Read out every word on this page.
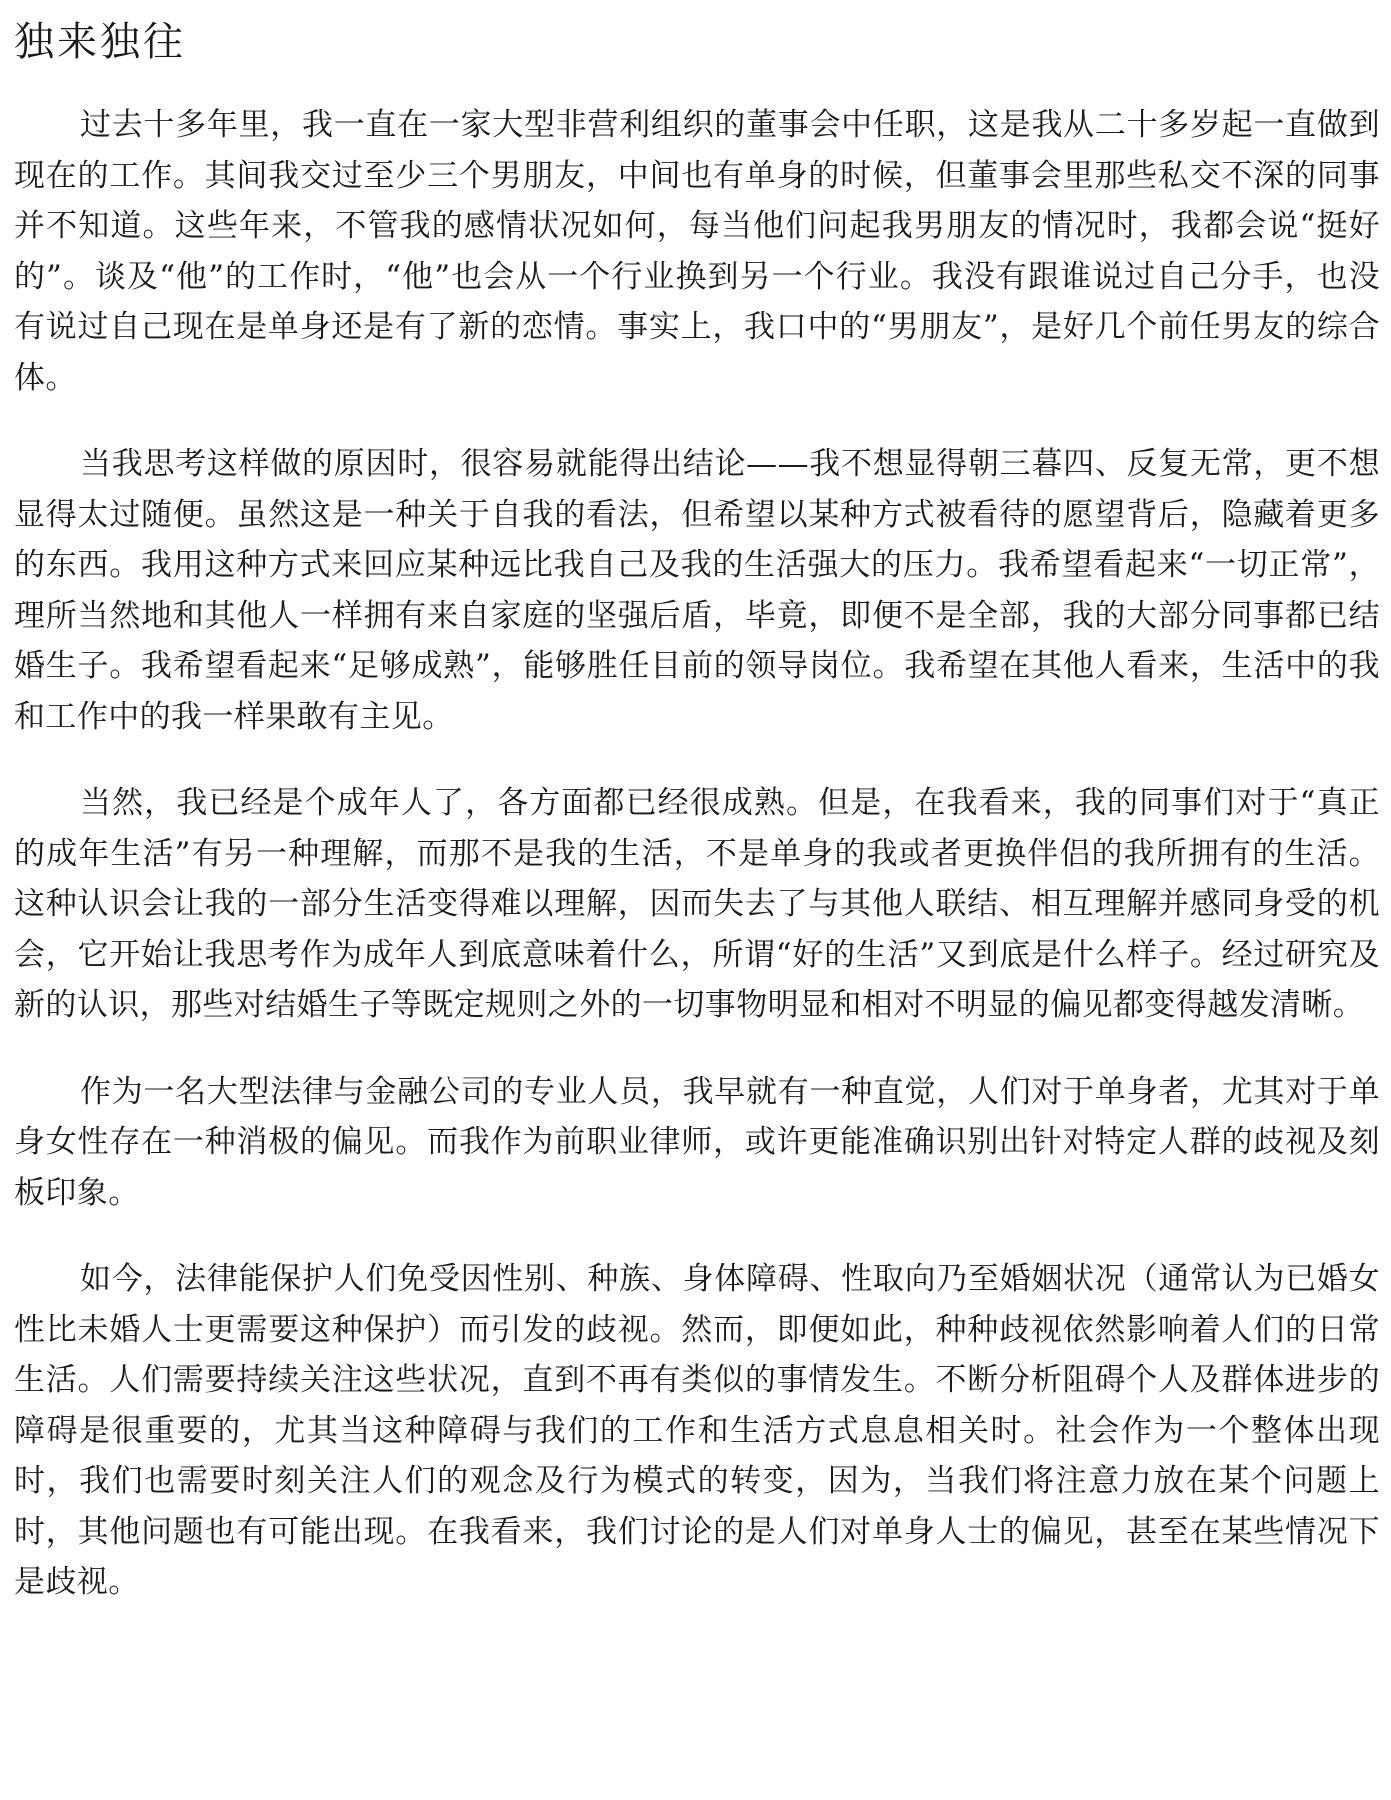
独来独往

过去十多年里，我一直在一家大型非营利组织的董事会中任职，这是我从二十多岁起一直做到现在的工作。其间我交过至少三个男朋友，中间也有单身的时候，但董事会里那些私交不深的同事并不知道。这些年来，不管我的感情状况如何，每当他们问起我男朋友的情况时，我都会说“挺好的”。谈及“他”的工作时，“他”也会从一个行业换到另一个行业。我没有跟谁说过自己分手，也没有说过自己现在是单身还是有了新的恋情。事实上，我口中的“男朋友”，是好几个前任男友的综合体。

当我思考这样做的原因时，很容易就能得出结论——我不想显得朝三暮四、反复无常，更不想显得太过随便。虽然这是一种关于自我的看法，但希望以某种方式被看待的愿望背后，隐藏着更多的东西。我用这种方式来回应某种远比我自己及我的生活强大的压力。我希望看起来“一切正常”，理所当然地和其他人一样拥有来自家庭的坚强后盾，毕竟，即便不是全部，我的大部分同事都已结婚生子。我希望看起来“足够成熟”，能够胜任目前的领导岗位。我希望在其他人看来，生活中的我和工作中的我一样果敢有主见。

当然，我已经是个成年人了，各方面都已经很成熟。但是，在我看来，我的同事们对于“真正的成年生活”有另一种理解，而那不是我的生活，不是单身的我或者更换伴侣的我所拥有的生活。这种认识会让我的一部分生活变得难以理解，因而失去了与其他人联结、相互理解并感同身受的机会，它开始让我思考作为成年人到底意味着什么，所谓“好的生活”又到底是什么样子。经过研究及新的认识，那些对结婚生子等既定规则之外的一切事物明显和相对不明显的偏见都变得越发清晰。

作为一名大型法律与金融公司的专业人员，我早就有一种直觉，人们对于单身者，尤其对于单身女性存在一种消极的偏见。而我作为前职业律师，或许更能准确识别出针对特定人群的歧视及刻板印象。

如今，法律能保护人们免受因性别、种族、身体障碍、性取向乃至婚姻状况（通常认为已婚女性比未婚人士更需要这种保护）而引发的歧视。然而，即便如此，种种歧视依然影响着人们的日常生活。人们需要持续关注这些状况，直到不再有类似的事情发生。不断分析阻碍个人及群体进步的障碍是很重要的，尤其当这种障碍与我们的工作和生活方式息息相关时。社会作为一个整体出现时，我们也需要时刻关注人们的观念及行为模式的转变，因为，当我们将注意力放在某个问题上时，其他问题也有可能出现。在我看来，我们讨论的是人们对单身人士的偏见，甚至在某些情况下是歧视。
